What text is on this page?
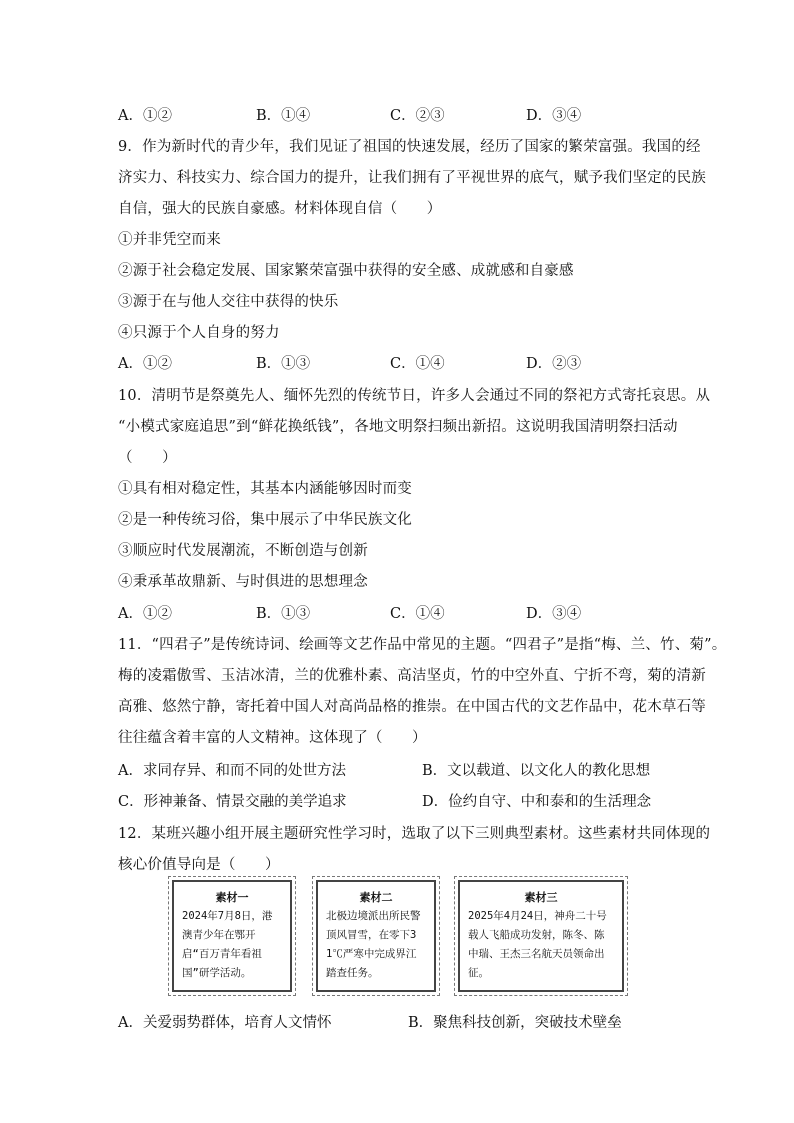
A．①②	B．①④	C．②③	D．③④
9．作为新时代的青少年，我们见证了祖国的快速发展，经历了国家的繁荣富强。我国的经
济实力、科技实力、综合国力的提升，让我们拥有了平视世界的底气，赋予我们坚定的民族
自信，强大的民族自豪感。材料体现自信（　　）
①并非凭空而来
②源于社会稳定发展、国家繁荣富强中获得的安全感、成就感和自豪感
③源于在与他人交往中获得的快乐
④只源于个人自身的努力
A．①②	B．①③	C．①④	D．②③
10．清明节是祭奠先人、缅怀先烈的传统节日，许多人会通过不同的祭祀方式寄托哀思。从
“小模式家庭追思”到“鲜花换纸钱”，各地文明祭扫频出新招。这说明我国清明祭扫活动
（　　）
①具有相对稳定性，其基本内涵能够因时而变
②是一种传统习俗，集中展示了中华民族文化
③顺应时代发展潮流，不断创造与创新
④秉承革故鼎新、与时俱进的思想理念
A．①②	B．①③	C．①④	D．③④
11．“四君子”是传统诗词、绘画等文艺作品中常见的主题。“四君子”是指“梅、兰、竹、菊”。
梅的凌霜傲雪、玉洁冰清，兰的优雅朴素、高洁坚贞，竹的中空外直、宁折不弯，菊的清新
高雅、悠然宁静，寄托着中国人对高尚品格的推崇。在中国古代的文艺作品中，花木草石等
往往蕴含着丰富的人文精神。这体现了（　　）
A．求同存异、和而不同的处世方法	B．文以载道、以文化人的教化思想
C．形神兼备、情景交融的美学追求	D．俭约自守、中和泰和的生活理念
12．某班兴趣小组开展主题研究性学习时，选取了以下三则典型素材。这些素材共同体现的
核心价值导向是（　　）
素材一
2024年7月8日，港澳青少年在鄂开启“百万青年看祖国”研学活动。
素材二
北极边境派出所民警顶风冒雪，在零下31℃严寒中完成界江踏查任务。
素材三
2025年4月24日，神舟二十号载人飞船成功发射，陈冬、陈中瑞、王杰三名航天员领命出征。
A．关爱弱势群体，培育人文情怀	B．聚焦科技创新，突破技术壁垒
